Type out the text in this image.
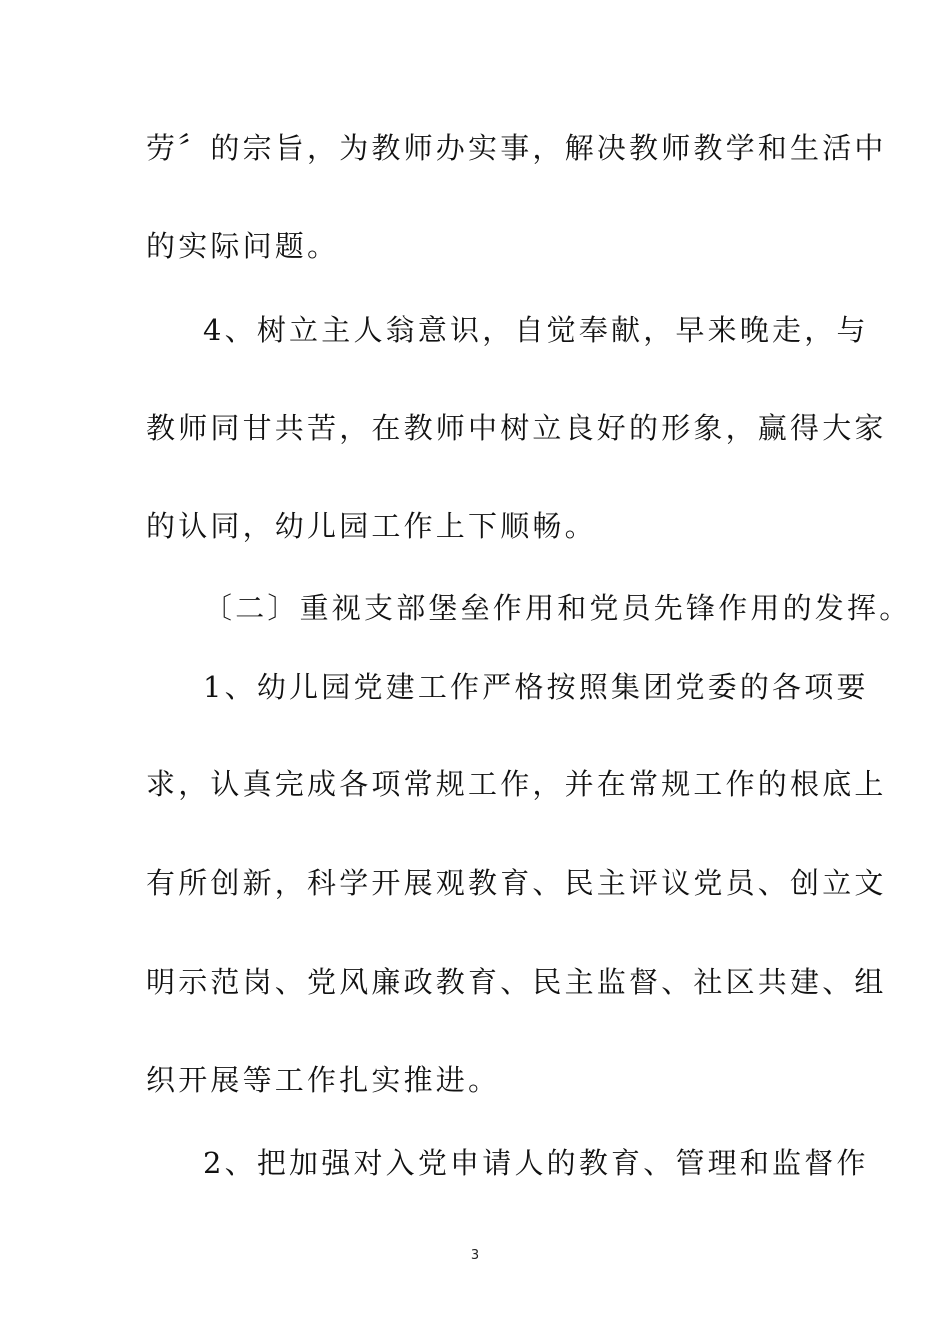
劳〞的宗旨，为教师办实事，解决教师教学和生活中
的实际问题。
4、树立主人翁意识，自觉奉献，早来晚走，与
教师同甘共苦，在教师中树立良好的形象，赢得大家
的认同，幼儿园工作上下顺畅。
〔二〕重视支部堡垒作用和党员先锋作用的发挥。
1、幼儿园党建工作严格按照集团党委的各项要
求，认真完成各项常规工作，并在常规工作的根底上
有所创新，科学开展观教育、民主评议党员、创立文
明示范岗、党风廉政教育、民主监督、社区共建、组
织开展等工作扎实推进。
2、把加强对入党申请人的教育、管理和监督作
3
